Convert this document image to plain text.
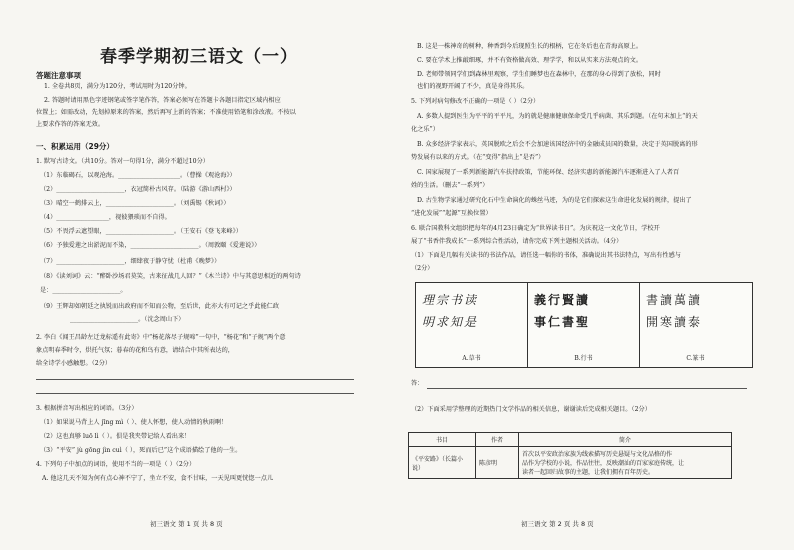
春季学期初三语文（一）
答题注意事项
1. 全卷共8页，满分为120分，考试用时为120分钟。
2. 答题时请用黑色字迹钢笔或签字笔作答，答案必须写在答题卡各题目指定区域内相应
位置上；如需改动，先划掉原来的答案，然后再写上新的答案；不准使用铅笔和涂改液。不按以
上要求作答的答案无效。
一、积累运用（29分）
1. 默写古诗文。（共10分。答对一句得1分，满分不超过10分）
（1）东临碣石，以观沧海。____________________。（曹操《观沧海》）
（2）______________________，衣冠简朴古风存。（陆游《游山西村》）
（3）晴空一鹤排云上，______________________。（刘禹锡《秋词》）
（4）_________________，视彼猥琐而不自得。
（5）不畏浮云遮望眼，______________________。（王安石《登飞来峰》）
（6）予独爱莲之出淤泥而不染，______________________。（周敦颐《爱莲说》）
（7）______________________，细肆夜于静守忧（杜甫《晚梦》）
（8）《读刘词》云：“醉卧沙场君莫笑，古来征战几人回？”《木兰诗》中与其意思相近的两句诗
是：______________________。
（9）王辉却如朝廷之执锐而出政府而不知而公物，至后世，此亦大有可记之乎此能仁政
______________________。（沈念周山下）
2. 李白《闻王昌龄左迁龙标遥有此寄》中“杨花落尽子规啼”一句中，“杨花”和“子规”两个意
象点明春季时令，烘托气氛；暮春的花和鸟有意，请结合中其所表达的，
给全诗学小感触想。（2分）
3. 根据拼音写出相应的词语。（3分）
（1）如果说马背上人 jīng mì（ ）、使人怀想，使人动情的秋雨啊！
（2）这也真够 luō lì（ ）。俱是我夹带记给人看出来！
（3）“平安” jù gōng jìn cuì（ ），死而后已”这个成语描绘了他的一生。
4. 下列句子中加点的词语，使用不当的一项是（ ）（2分）
A. 他这几天不知为何有点心神不宁了，坐立不安，食不甘味，一天见叫更恍惚一点儿
初三语文 第 1 页 共 8 页
B. 这是一株神奇的树种，种香到今后现照生长的根柄，它在冬后也在青海高原上。
C. 要在学术上推敲细琢，并不有资格做高效、理学学，和以从实来方法观点的文。
D. 老师带领同学们到森林里观察，学生们睡梦也在森林中，在那的身心得到了放松，同时
也们的视野开阔了不少，真是身得其乐。
5. 下列对病句修改不正确的一项是（ ）（2分）
A. 多数人提到医生为平平的平平凡，为的就是健康健康保命受几乎病菌、其乐到题。（在句末加上“的天
化之乐”）
B. 众多经济学家表示，英国脱欧之后会不会加速该国经济中的金融成员国的数量，决定于英国脱离的形
势发展有以来的方式。（在“变得”指出上“是否”）
C. 国家展现了一系列新能源汽车扶持政策，节能环保、经济实惠的新能源汽车逐渐进入了人者百
姓的生活。（删去“一系列”）
D. 古生物学家通过研究化石中生命演化的蛛丝马迹，为的是它们探索这生命进化发展的规律，提出了
“进化发展”“起源”互换位置）
6. 联合国教科文组织把每年的4月23日确定为“世界读书日”。为庆祝这一文化节日，学校开
展了“书香伴我成长”一系列综合性活动，请你完成下列主题相关活动。（4分）
（1）下面是几幅有关读书的书法作品，请任选一幅你的书体，准确说出其书法特点，写出有性感与
（2分）
答：
（2）下面采用学整理的近期热门文学作品的相关信息，谢谢读后完成相关题目。（2分）
初三语文 第 2 页 共 8 页
理宗书读
明求知是
A.草书
義行賢讀
事仁書聖
B.行书
書讀萬讀
開寒讀泰
C.篆书
书目	作者	简介
《平安路》（长篇小说）	陈彦明	首次以平安政治家族为线索描写历史悬疑与文化品格的作
品作为学校的小说，作品往往，反映潮汕的百家家庭传统，让
读者一起回归故事的主题，让我们拥有百年历史。
